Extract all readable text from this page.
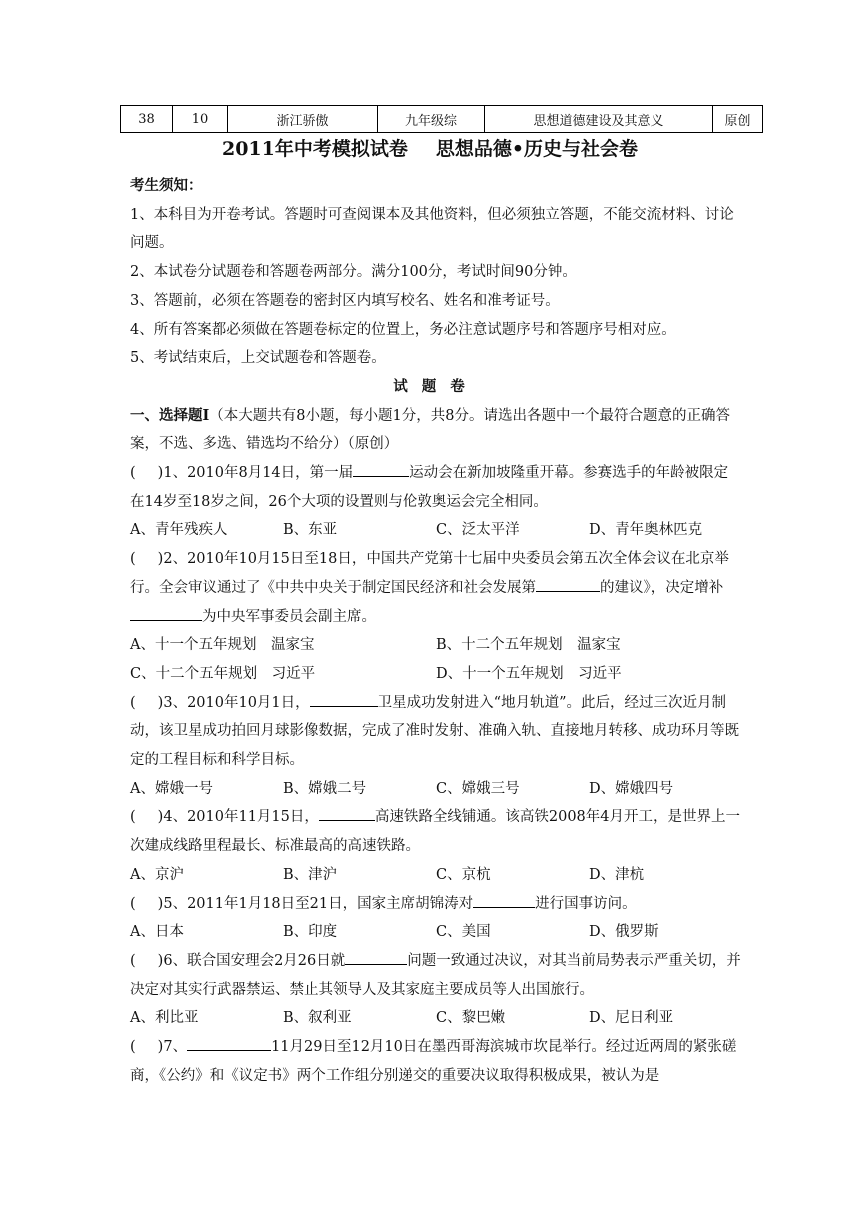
38	10	浙江骄傲	九年级综	思想道德建设及其意义	原创
2011年中考模拟试卷 思想品德•历史与社会卷

考生须知：

1、本科目为开卷考试。答题时可查阅课本及其他资料，但必须独立答题，不能交流材料、讨论问题。

2、本试卷分试题卷和答题卷两部分。满分100分，考试时间90分钟。

3、答题前，必须在答题卷的密封区内填写校名、姓名和准考证号。

4、所有答案都必须做在答题卷标定的位置上，务必注意试题序号和答题序号相对应。

5、考试结束后，上交试题卷和答题卷。

试题卷

一、选择题Ⅰ（本大题共有8小题，每小题1分，共8分。请选出各题中一个最符合题意的正确答案，不选、多选、错选均不给分）（原创）

( )1、2010年8月14日，第一届	运动会在新加坡隆重开幕。参赛选手的年龄被限定在14岁至18岁之间，26个大项的设置则与伦敦奥运会完全相同。

A、青年残疾人	B、东亚	C、泛太平洋	D、青年奥林匹克

( )2、2010年10月15日至18日，中国共产党第十七届中央委员会第五次全体会议在北京举行。全会审议通过了《中共中央关于制定国民经济和社会发展第	的建议》，决定增补为中央军事委员会副主席。

A、十一个五年规划　温家宝	B、十二个五年规划　温家宝
C、十二个五年规划　习近平	D、十一个五年规划　习近平

( )3、2010年10月1日，	卫星成功发射进入“地月轨道”。此后，经过三次近月制动，该卫星成功拍回月球影像数据，完成了准时发射、准确入轨、直接地月转移、成功环月等既定的工程目标和科学目标。

A、嫦娥一号	B、嫦娥二号	C、嫦娥三号	D、嫦娥四号

( )4、2010年11月15日，	高速铁路全线铺通。该高铁2008年4月开工，是世界上一次建成线路里程最长、标准最高的高速铁路。

A、京沪	B、津沪	C、京杭	D、津杭

( )5、2011年1月18日至21日，国家主席胡锦涛对	进行国事访问。

A、日本	B、印度	C、美国	D、俄罗斯

( )6、联合国安理会2月26日就	问题一致通过决议，对其当前局势表示严重关切，并决定对其实行武器禁运、禁止其领导人及其家庭主要成员等人出国旅行。

A、利比亚	B、叙利亚	C、黎巴嫩	D、尼日利亚

( )7、	11月29日至12月10日在墨西哥海滨城市坎昆举行。经过近两周的紧张磋商，《公约》和《议定书》两个工作组分别递交的重要决议取得积极成果，被认为是
